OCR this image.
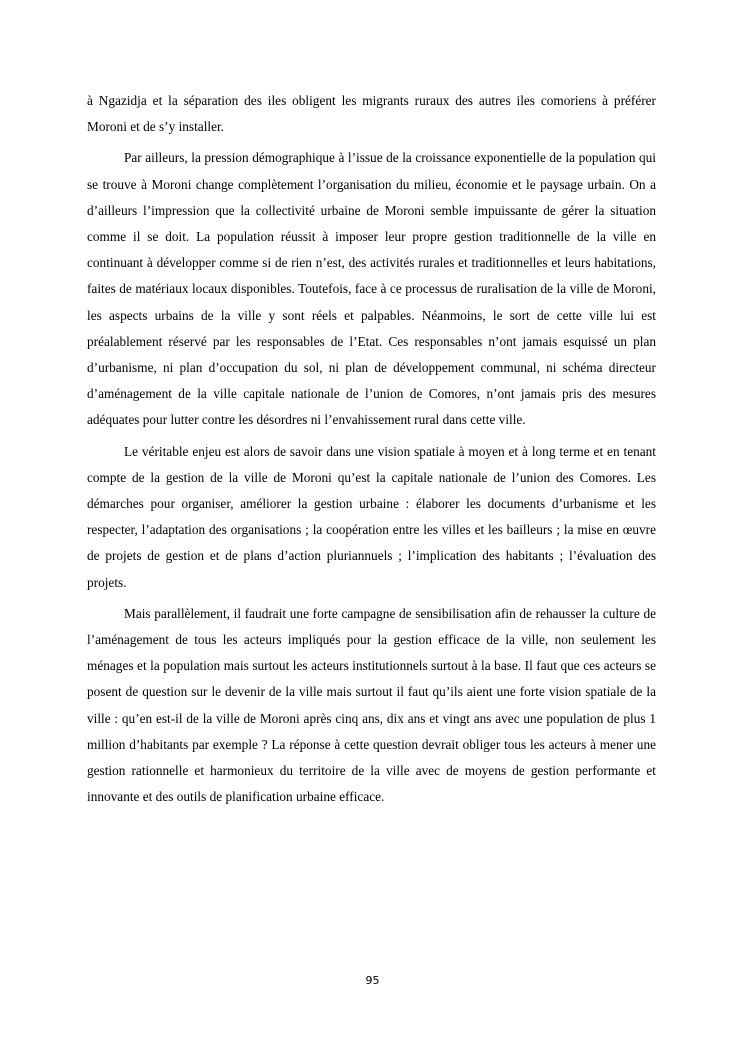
à Ngazidja et la séparation des iles obligent les migrants ruraux des autres iles comoriens à préférer Moroni et de s’y installer.

Par ailleurs, la pression démographique à l’issue de la croissance exponentielle de la population qui se trouve à Moroni change complètement l’organisation du milieu, économie et le paysage urbain. On a d’ailleurs l’impression que la collectivité urbaine de Moroni semble impuissante de gérer la situation comme il se doit. La population réussit à imposer leur propre gestion traditionnelle de la ville en continuant à développer comme si de rien n’est, des activités rurales et traditionnelles et leurs habitations, faites de matériaux locaux disponibles. Toutefois, face à ce processus de ruralisation de la ville de Moroni, les aspects urbains de la ville y sont réels et palpables. Néanmoins, le sort de cette ville lui est préalablement réservé par les responsables de l’Etat. Ces responsables n’ont jamais esquissé un plan d’urbanisme, ni plan d’occupation du sol, ni plan de développement communal, ni schéma directeur d’aménagement de la ville capitale nationale de l’union de Comores, n’ont jamais pris des mesures adéquates pour lutter contre les désordres ni l’envahissement rural dans cette ville.

Le véritable enjeu est alors de savoir dans une vision spatiale à moyen et à long terme et en tenant compte de la gestion de la ville de Moroni qu’est la capitale nationale de l’union des Comores. Les démarches pour organiser, améliorer la gestion urbaine : élaborer les documents d’urbanisme et les respecter, l’adaptation des organisations ; la coopération entre les villes et les bailleurs ; la mise en œuvre de projets de gestion et de plans d’action pluriannuels ; l’implication des habitants ; l’évaluation des projets.

Mais parallèlement, il faudrait une forte campagne de sensibilisation afin de rehausser la culture de l’aménagement de tous les acteurs impliqués pour la gestion efficace de la ville, non seulement les ménages et la population mais surtout les acteurs institutionnels surtout à la base. Il faut que ces acteurs se posent de question sur le devenir de la ville mais surtout il faut qu’ils aient une forte vision spatiale de la ville : qu’en est-il de la ville de Moroni après cinq ans, dix ans et vingt ans avec une population de plus 1 million d’habitants par exemple ? La réponse à cette question devrait obliger tous les acteurs à mener une gestion rationnelle et harmonieux du territoire de la ville avec de moyens de gestion performante et innovante et des outils de planification urbaine efficace.

95
